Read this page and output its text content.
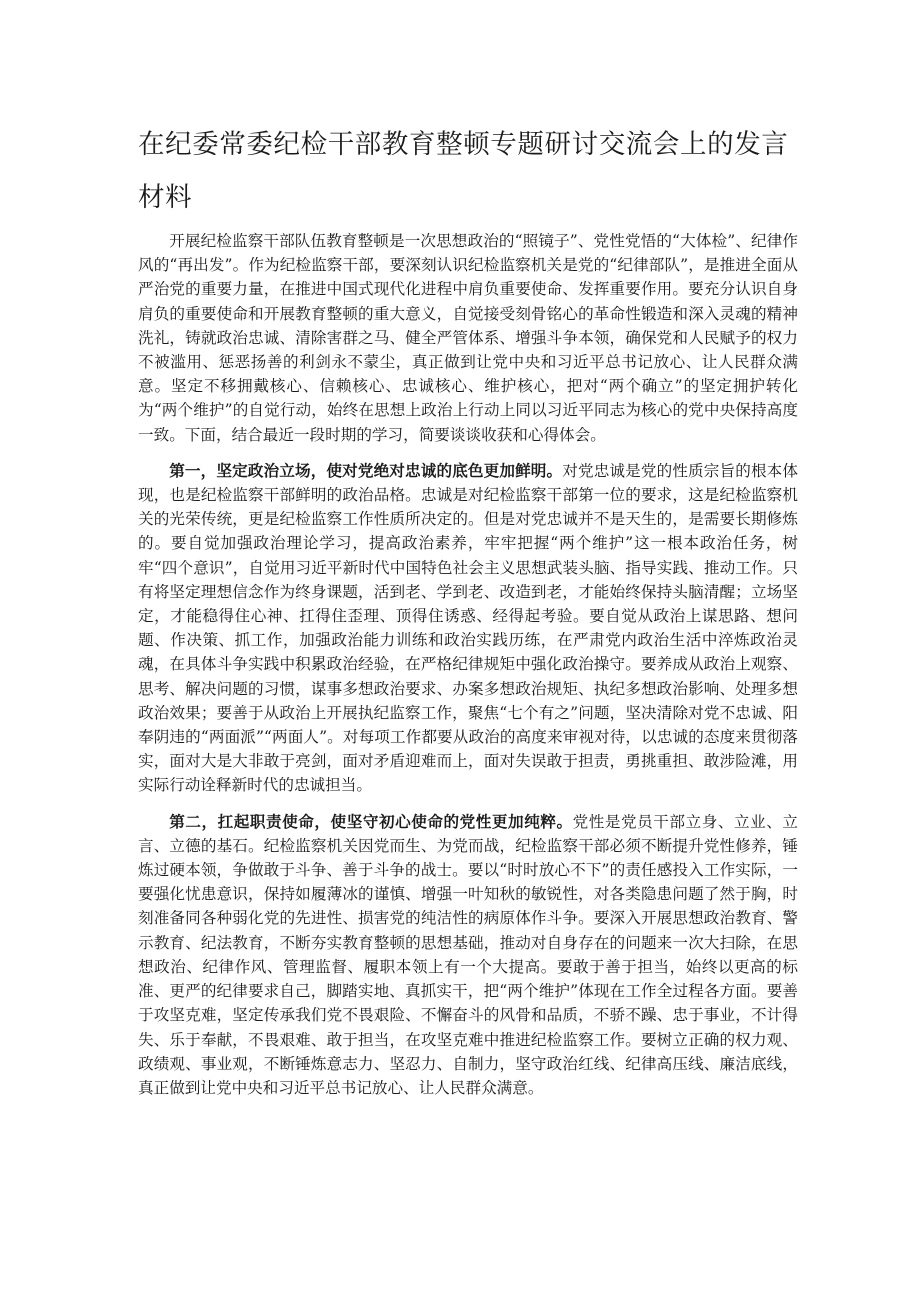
在纪委常委纪检干部教育整顿专题研讨交流会上的发言材料

开展纪检监察干部队伍教育整顿是一次思想政治的“照镜子”、党性党悟的“大体检”、纪律作风的“再出发”。作为纪检监察干部，要深刻认识纪检监察机关是党的“纪律部队”，是推进全面从严治党的重要力量，在推进中国式现代化进程中肩负重要使命、发挥重要作用。要充分认识自身肩负的重要使命和开展教育整顿的重大意义，自觉接受刻骨铭心的革命性锻造和深入灵魂的精神洗礼，铸就政治忠诚、清除害群之马、健全严管体系、增强斗争本领，确保党和人民赋予的权力不被滥用、惩恶扬善的利剑永不蒙尘，真正做到让党中央和习近平总书记放心、让人民群众满意。坚定不移拥戴核心、信赖核心、忠诚核心、维护核心，把对“两个确立”的坚定拥护转化为“两个维护”的自觉行动，始终在思想上政治上行动上同以习近平同志为核心的党中央保持高度一致。下面，结合最近一段时期的学习，简要谈谈收获和心得体会。

第一，坚定政治立场，使对党绝对忠诚的底色更加鲜明。对党忠诚是党的性质宗旨的根本体现，也是纪检监察干部鲜明的政治品格。忠诚是对纪检监察干部第一位的要求，这是纪检监察机关的光荣传统，更是纪检监察工作性质所决定的。但是对党忠诚并不是天生的，是需要长期修炼的。要自觉加强政治理论学习，提高政治素养，牢牢把握“两个维护”这一根本政治任务，树牢“四个意识”，自觉用习近平新时代中国特色社会主义思想武装头脑、指导实践、推动工作。只有将坚定理想信念作为终身课题，活到老、学到老、改造到老，才能始终保持头脑清醒；立场坚定，才能稳得住心神、扛得住歪理、顶得住诱惑、经得起考验。要自觉从政治上谋思路、想问题、作决策、抓工作，加强政治能力训练和政治实践历练，在严肃党内政治生活中淬炼政治灵魂，在具体斗争实践中积累政治经验，在严格纪律规矩中强化政治操守。要养成从政治上观察、思考、解决问题的习惯，谋事多想政治要求、办案多想政治规矩、执纪多想政治影响、处理多想政治效果；要善于从政治上开展执纪监察工作，聚焦“七个有之”问题，坚决清除对党不忠诚、阳奉阴违的“两面派”“两面人”。对每项工作都要从政治的高度来审视对待，以忠诚的态度来贯彻落实，面对大是大非敢于亮剑，面对矛盾迎难而上，面对失误敢于担责，勇挑重担、敢涉险滩，用实际行动诠释新时代的忠诚担当。

第二，扛起职责使命，使坚守初心使命的党性更加纯粹。党性是党员干部立身、立业、立言、立德的基石。纪检监察机关因党而生、为党而战，纪检监察干部必须不断提升党性修养，锤炼过硬本领，争做敢于斗争、善于斗争的战士。要以“时时放心不下”的责任感投入工作实际，一要强化忧患意识，保持如履薄冰的谨慎、增强一叶知秋的敏锐性，对各类隐患问题了然于胸，时刻准备同各种弱化党的先进性、损害党的纯洁性的病原体作斗争。要深入开展思想政治教育、警示教育、纪法教育，不断夯实教育整顿的思想基础，推动对自身存在的问题来一次大扫除，在思想政治、纪律作风、管理监督、履职本领上有一个大提高。要敢于善于担当，始终以更高的标准、更严的纪律要求自己，脚踏实地、真抓实干，把“两个维护”体现在工作全过程各方面。要善于攻坚克难，坚定传承我们党不畏艰险、不懈奋斗的风骨和品质，不骄不躁、忠于事业，不计得失、乐于奉献，不畏艰难、敢于担当，在攻坚克难中推进纪检监察工作。要树立正确的权力观、政绩观、事业观，不断锤炼意志力、坚忍力、自制力，坚守政治红线、纪律高压线、廉洁底线，真正做到让党中央和习近平总书记放心、让人民群众满意。
